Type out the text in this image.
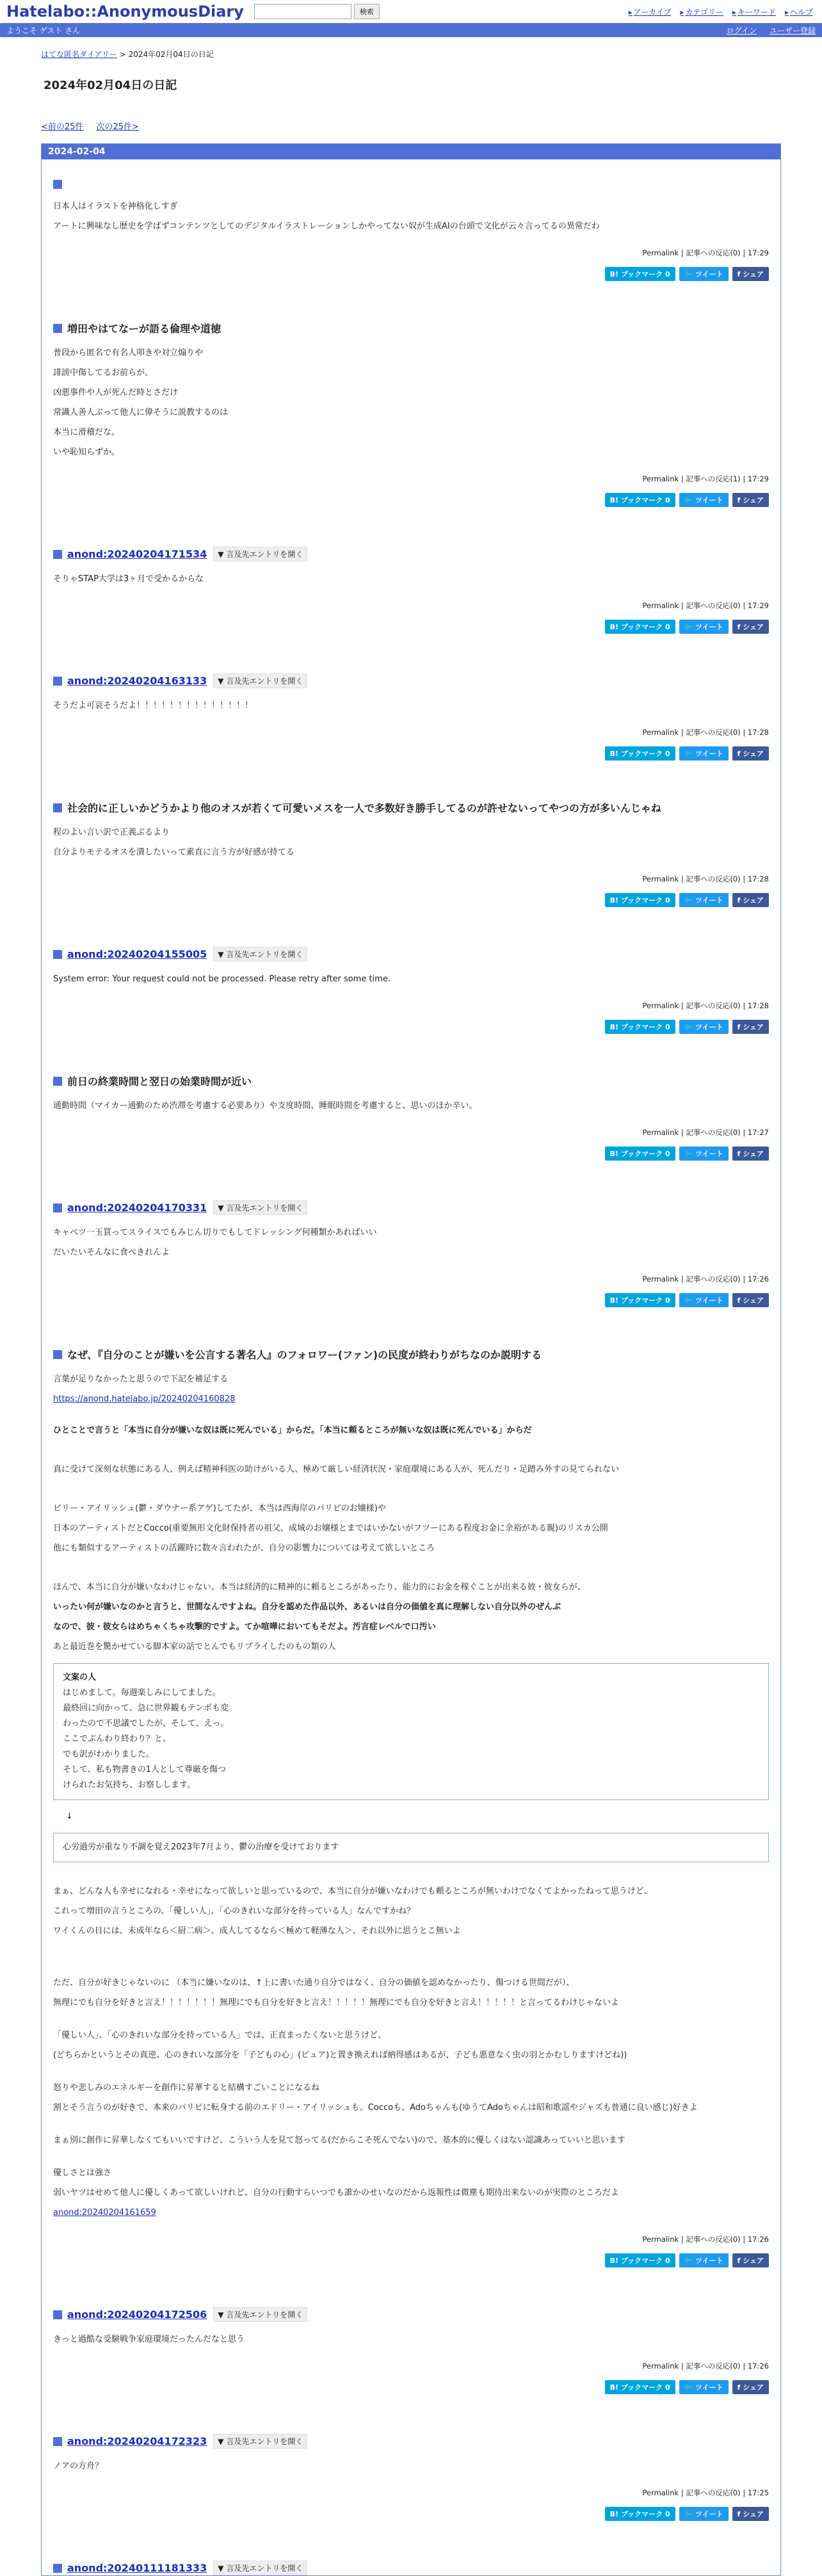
Hatelabo::AnonymousDiary	検索	▸ アーカイブ	▸ カテゴリー	▸ キーワード	▸ ヘルプ
ようこそ ゲスト さん	ログイン ユーザー登録
はてな匿名ダイアリー > 2024年02月04日の日記
2024年02月04日の日記
<前の25件 次の25件>
2024-02-04

日本人はイラストを神格化しすぎ

アートに興味なし歴史を学ばずコンテンツとしてのデジタルイラストレーションしかやってない奴が生成AIの台頭で文化が云々言ってるの異常だわ

Permalink | 記事への反応(0) | 17:29
B! ブックマーク 0	🐦 ツイート	f シェア
増田やはてなーが語る倫理や道徳

普段から匿名で有名人叩きや対立煽りや

誹謗中傷してるお前らが、

凶悪事件や人が死んだ時とさだけ

常識人善人ぶって他人に偉そうに説教するのは

本当に滑稽だな。

いや恥知らずか。

Permalink | 記事への反応(1) | 17:29
B! ブックマーク 0	🐦 ツイート	f シェア
anond:20240204171534	▼ 言及先エントリを開く

そりゃSTAP大学は3ヶ月で受かるからな

Permalink | 記事への反応(0) | 17:29
B! ブックマーク 0	🐦 ツイート	f シェア
anond:20240204163133	▼ 言及先エントリを開く

そうだよ可哀そうだよ！！！！！！！！！！！！！！

Permalink | 記事への反応(0) | 17:28
B! ブックマーク 0	🐦 ツイート	f シェア
社会的に正しいかどうかより他のオスが若くて可愛いメスを一人で多数好き勝手してるのが許せないってやつの方が多いんじゃね

程のよい言い訳で正義ぶるより

自分よりモテるオスを潰したいって素直に言う方が好感が持てる

Permalink | 記事への反応(0) | 17:28
B! ブックマーク 0	🐦 ツイート	f シェア
anond:20240204155005	▼ 言及先エントリを開く

System error: Your request could not be processed. Please retry after some time.

Permalink | 記事への反応(0) | 17:28
B! ブックマーク 0	🐦 ツイート	f シェア
前日の終業時間と翌日の始業時間が近い

通勤時間（マイカー通勤のため渋滞を考慮する必要あり）や支度時間、睡眠時間を考慮すると、思いのほか辛い。

Permalink | 記事への反応(0) | 17:27
B! ブックマーク 0	🐦 ツイート	f シェア
anond:20240204170331	▼ 言及先エントリを開く

キャベツ一玉買ってスライスでもみじん切りでもしてドレッシング何種類かあればいい

だいたいそんなに食べきれんよ

Permalink | 記事への反応(0) | 17:26
B! ブックマーク 0	🐦 ツイート	f シェア
なぜ、『自分のことが嫌いを公言する著名人』のフォロワー(ファン)の民度が終わりがちなのか説明する

言葉が足りなかったと思うので下記を補足する

https://anond.hatelabo.jp/20240204160828

ひとことで言うと「本当に自分が嫌いな奴は既に死んでいる」からだ。「本当に頼るところが無いな奴は既に死んでいる」からだ

真に受けて深刻な状態にある人、例えば精神科医の助けがいる人、極めて厳しい経済状況・家庭環境にある人が、死んだり・足踏み外すの見てられない

ビリー・アイリッシュ(鬱・ダウナー系アゲ)してたが、本当は西海岸のパリピのお嬢様)や

日本のアーティストだとCocco(重要無形文化財保持者の祖父、成城のお嬢様とまではいかないがフツーにある程度お金に余裕がある親)のリスカ公開

他にも類似するアーティストの活躍時に数々言われたが、自分の影響力については考えて欲しいところ

ほんで、本当に自分が嫌いなわけじゃない、本当は経済的に精神的に頼るところがあったり、能力的にお金を稼ぐことが出来る彼・彼女らが、

いったい何が嫌いなのかと言うと、世間なんですよね。自分を認めた作品以外、あるいは自分の価値を真に理解しない自分以外のぜんぶ

なので、彼・彼女らはめちゃくちゃ攻撃的ですよ。てか喧嘩においてもそだよ。汚言症レベルで口汚い

あと最近巻を驚かせている脚本家の話でとんでもリプライしたのもの類の人

文案の人

はじめまして。毎週楽しみにしてました。

最終回に向かって、急に世界観もテンポも変

わったので不思議でしたが、そして、えっ。

ここでぷんわり終わり？と。

でも訳がわかりました。

そして、私も物書きの1人として尊厳を傷つ

けられたお気持ち、お察しします。

↓

心労過労が重なり不調を覚え2023年7月より、鬱の治療を受けております

まぁ、どんな人も幸せになれる・幸せになって欲しいと思っているので、本当に自分が嫌いなわけでも頼るところが無いわけでなくてよかったねって思うけど、

これって増田の言うところの、「優しい人」、「心のきれいな部分を持っている人」なんですかね？

ワイくんの目には、未成年なら＜厨二病＞、成人してるなら＜極めて軽薄な人＞、それ以外に思うとこ無いよ

ただ、自分が好きじゃないのに （本当に嫌いなのは、↑上に書いた通り自分ではなく、自分の価値を認めなかったり、傷つける世間だが）、

無理にでも自分を好きと言え！！！！！！！無理にでも自分を好きと言え！！！！！無理にでも自分を好きと言え！！！！！と言ってるわけじゃないよ

「優しい人」、「心のきれいな部分を持っている人」では、正直まったくないと思うけど、

(どちらかというとその真逆、心のきれいな部分を「子どもの心」(ピュア)と置き換えれば納得感はあるが、子ども悪意なく虫の羽とかむしりますけどね))

怒りや悲しみのエネルギーを創作に昇華すると結構すごいことになるね

割とそう言うのが好きで、本来のパリピに転身する前のエドリー・アイリッシュも、Coccoも、Adoちゃんも(ゆうてAdoちゃんは昭和歌謡やジャズも普通に良い感じ)好きよ

まぁ別に創作に昇華しなくてもいいですけど、こういう人を見て怒ってる(だからこそ死んでない)ので、基本的に優しくはない認識あっていいと思います

優しさとは強さ

弱いヤツはせめて他人に優しくあって欲しいけれど、自分の行動すらいつでも誰かのせいなのだから返報性は微塵も期待出来ないのが実際のところだよ

anond:20240204161659

Permalink | 記事への反応(0) | 17:26
B! ブックマーク 0	🐦 ツイート	f シェア
anond:20240204172506	▼ 言及先エントリを開く

きっと過酷な受験戦争家庭環境だったんだなと思う

Permalink | 記事への反応(0) | 17:26
B! ブックマーク 0	🐦 ツイート	f シェア
anond:20240204172323	▼ 言及先エントリを開く

ノアの方舟？

Permalink | 記事への反応(0) | 17:25
B! ブックマーク 0	🐦 ツイート	f シェア
anond:20240111181333	▼ 言及先エントリを開く
